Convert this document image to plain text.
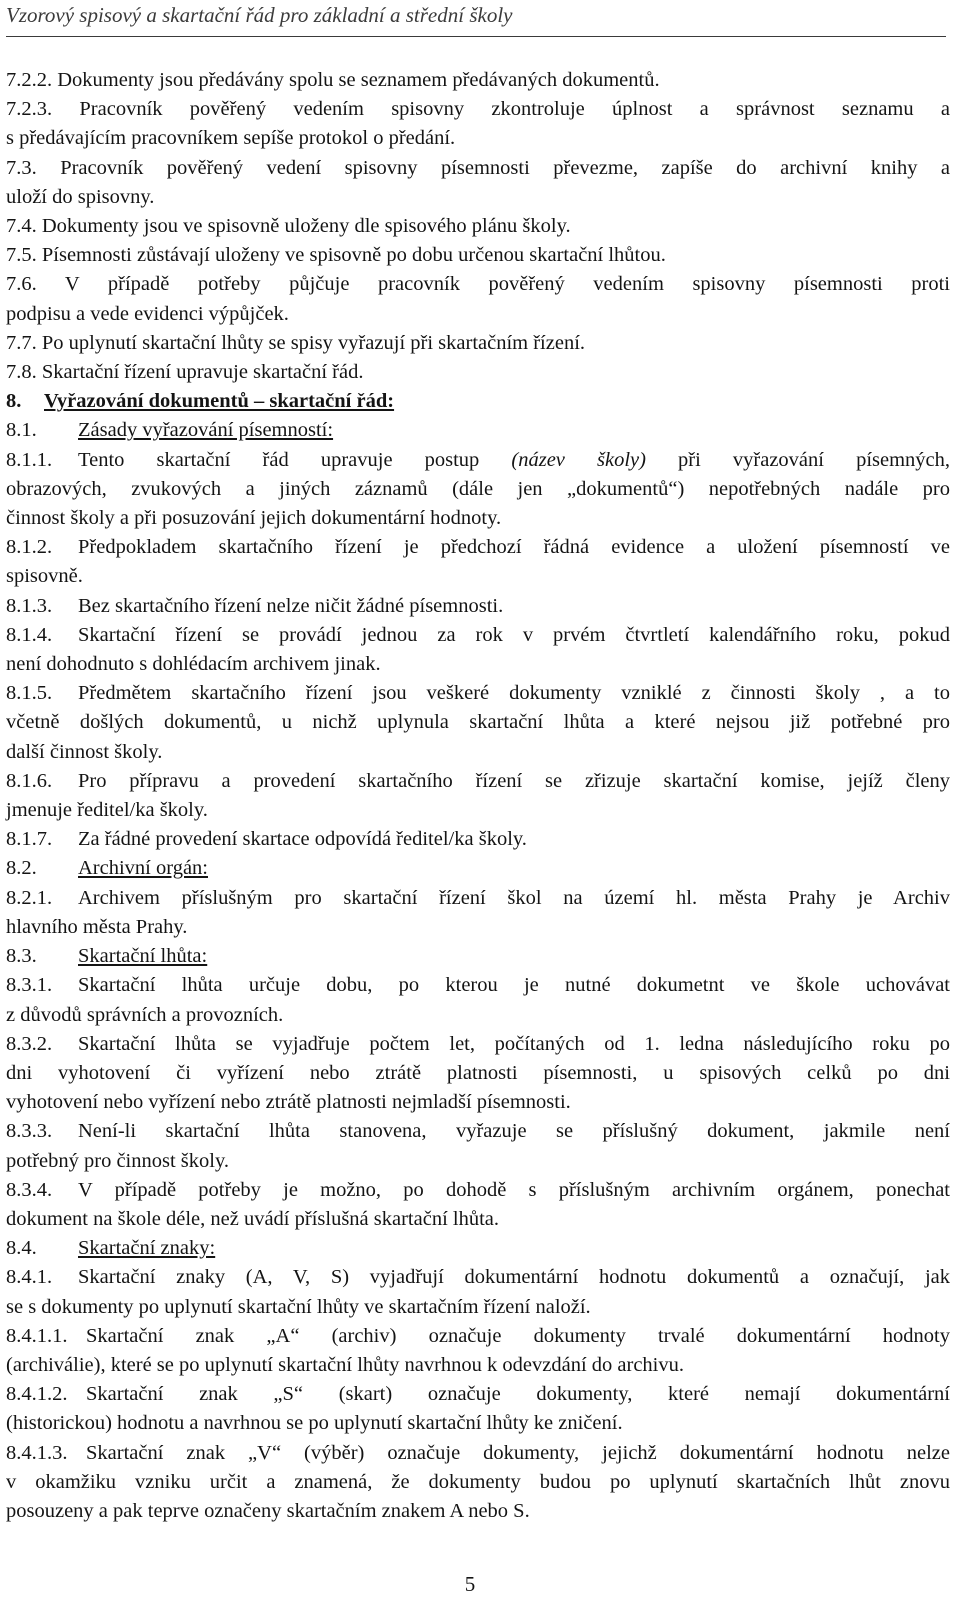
Vzorový spisový a skartační řád pro základní a střední školy
7.2.2. Dokumenty jsou předávány spolu se seznamem předávaných dokumentů.
7.2.3. Pracovník pověřený vedením spisovny zkontroluje úplnost a správnost seznamu a
s předávajícím pracovníkem sepíše protokol o předání.
7.3. Pracovník pověřený vedení spisovny písemnosti převezme, zapíše do archivní knihy a
uloží do spisovny.
7.4. Dokumenty jsou ve spisovně uloženy dle spisového plánu školy.
7.5. Písemnosti zůstávají uloženy ve spisovně po dobu určenou skartační lhůtou.
7.6. V případě potřeby půjčuje pracovník pověřený vedením spisovny písemnosti proti
podpisu a vede evidenci výpůjček.
7.7. Po uplynutí skartační lhůty se spisy vyřazují při skartačním řízení.
7.8. Skartační řízení upravuje skartační řád.
8. Vyřazování dokumentů – skartační řád:
8.1. Zásady vyřazování písemností:
8.1.1. Tento skartační řád upravuje postup (název školy) při vyřazování písemných,
obrazových, zvukových a jiných záznamů (dále jen „dokumentů“) nepotřebných nadále pro
činnost školy a při posuzování jejich dokumentární hodnoty.
8.1.2. Předpokladem skartačního řízení je předchozí řádná evidence a uložení písemností ve
spisovně.
8.1.3. Bez skartačního řízení nelze ničit žádné písemnosti.
8.1.4. Skartační řízení se provádí jednou za rok v prvém čtvrtletí kalendářního roku, pokud
není dohodnuto s dohlédacím archivem jinak.
8.1.5. Předmětem skartačního řízení jsou veškeré dokumenty vzniklé z činnosti školy , a to
včetně došlých dokumentů, u nichž uplynula skartační lhůta a které nejsou již potřebné pro
další činnost školy.
8.1.6. Pro přípravu a provedení skartačního řízení se zřizuje skartační komise, jejíž členy
jmenuje ředitel/ka školy.
8.1.7. Za řádné provedení skartace odpovídá ředitel/ka školy.
8.2. Archivní orgán:
8.2.1. Archivem příslušným pro skartační řízení škol na území hl. města Prahy je Archiv
hlavního města Prahy.
8.3. Skartační lhůta:
8.3.1. Skartační lhůta určuje dobu, po kterou je nutné dokumetnt ve škole uchovávat
z důvodů správních a provozních.
8.3.2. Skartační lhůta se vyjadřuje počtem let, počítaných od 1. ledna následujícího roku po
dni vyhotovení či vyřízení nebo ztrátě platnosti písemnosti, u spisových celků po dni
vyhotovení nebo vyřízení nebo ztrátě platnosti nejmladší písemnosti.
8.3.3. Není-li skartační lhůta stanovena, vyřazuje se příslušný dokument, jakmile není
potřebný pro činnost školy.
8.3.4. V případě potřeby je možno, po dohodě s příslušným archivním orgánem, ponechat
dokument na škole déle, než uvádí příslušná skartační lhůta.
8.4. Skartační znaky:
8.4.1. Skartační znaky (A, V, S) vyjadřují dokumentární hodnotu dokumentů a označují, jak
se s dokumenty po uplynutí skartační lhůty ve skartačním řízení naloží.
8.4.1.1. Skartační znak „A“ (archiv) označuje dokumenty trvalé dokumentární hodnoty
(archiválie), které se po uplynutí skartační lhůty navrhnou k odevzdání do archivu.
8.4.1.2. Skartační znak „S“ (skart) označuje dokumenty, které nemají dokumentární
(historickou) hodnotu a navrhnou se po uplynutí skartační lhůty ke zničení.
8.4.1.3. Skartační znak „V“ (výběr) označuje dokumenty, jejichž dokumentární hodnotu nelze
v okamžiku vzniku určit a znamená, že dokumenty budou po uplynutí skartačních lhůt znovu
posouzeny a pak teprve označeny skartačním znakem A nebo S.
5
